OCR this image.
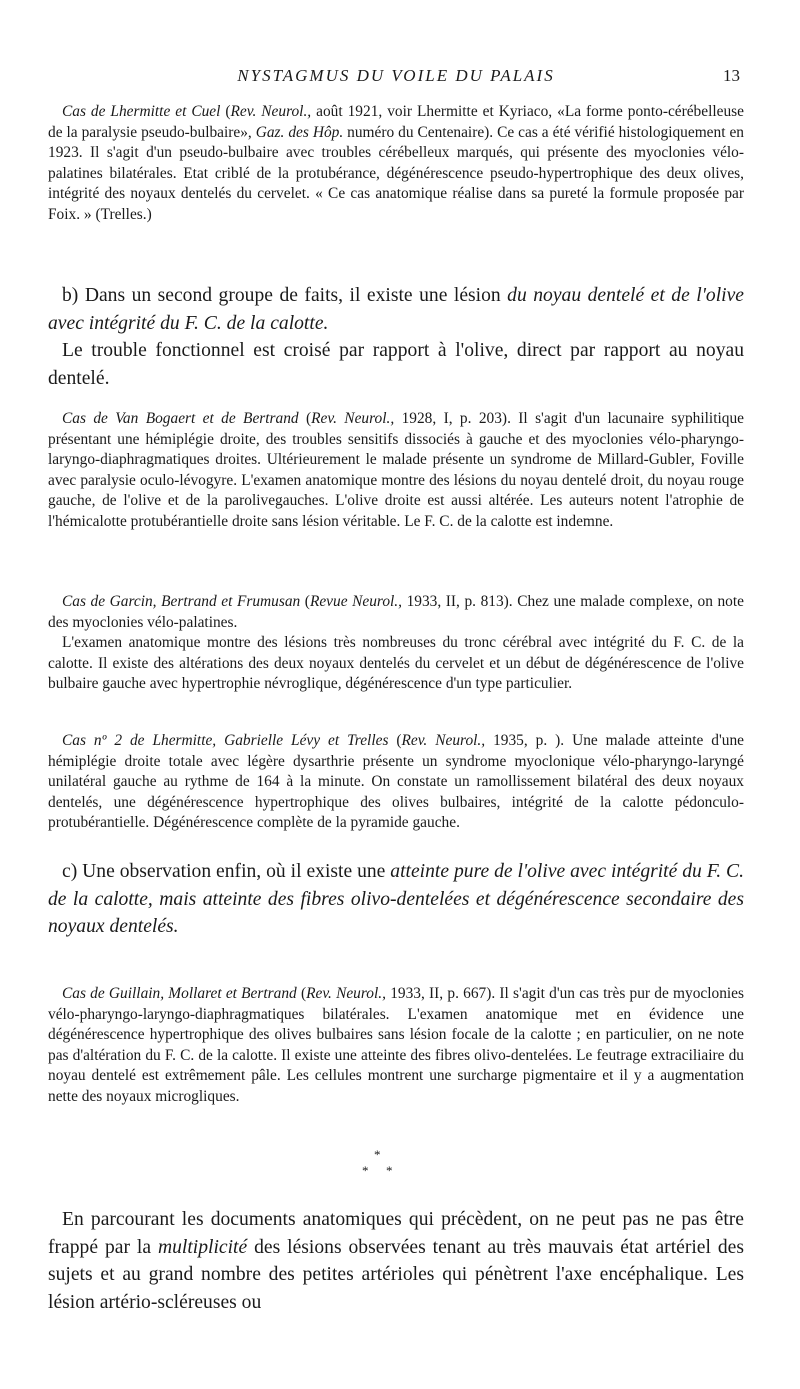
NYSTAGMUS DU VOILE DU PALAIS	13
Cas de Lhermitte et Cuel (Rev. Neurol., août 1921, voir Lhermitte et Kyriaco, «La forme ponto-cérébelleuse de la paralysie pseudo-bulbaire», Gaz. des Hôp. numéro du Centenaire). Ce cas a été vérifié histologiquement en 1923. Il s'agit d'un pseudo-bulbaire avec troubles cérébelleux marqués, qui présente des myoclonies vélo-palatines bilatérales. Etat criblé de la protubérance, dégénérescence pseudo-hypertrophique des deux olives, intégrité des noyaux dentelés du cervelet. « Ce cas anatomique réalise dans sa pureté la formule proposée par Foix. » (Trelles.)
b) Dans un second groupe de faits, il existe une lésion du noyau dentelé et de l'olive avec intégrité du F. C. de la calotte.
Le trouble fonctionnel est croisé par rapport à l'olive, direct par rapport au noyau dentelé.
Cas de Van Bogaert et de Bertrand (Rev. Neurol., 1928, I, p. 203). Il s'agit d'un lacunaire syphilitique présentant une hémiplégie droite, des troubles sensitifs dissociés à gauche et des myoclonies vélo-pharyngo-laryngo-diaphragmatiques droites. Ultérieurement le malade présente un syndrome de Millard-Gubler, Foville avec paralysie oculo-lévogyre. L'examen anatomique montre des lésions du noyau dentelé droit, du noyau rouge gauche, de l'olive et de la parolivegauches. L'olive droite est aussi altérée. Les auteurs notent l'atrophie de l'hémicalotte protubérantielle droite sans lésion véritable. Le F. C. de la calotte est indemne.
Cas de Garcin, Bertrand et Frumusan (Revue Neurol., 1933, II, p. 813). Chez une malade complexe, on note des myoclonies vélo-palatines.
L'examen anatomique montre des lésions très nombreuses du tronc cérébral avec intégrité du F. C. de la calotte. Il existe des altérations des deux noyaux dentelés du cervelet et un début de dégénérescence de l'olive bulbaire gauche avec hypertrophie névroglique, dégénérescence d'un type particulier.
Cas nº 2 de Lhermitte, Gabrielle Lévy et Trelles (Rev. Neurol., 1935, p. ). Une malade atteinte d'une hémiplégie droite totale avec légère dysarthrie présente un syndrome myoclonique vélo-pharyngo-laryngé unilatéral gauche au rythme de 164 à la minute. On constate un ramollissement bilatéral des deux noyaux dentelés, une dégénérescence hypertrophique des olives bulbaires, intégrité de la calotte pédonculo-protubérantielle. Dégénérescence complète de la pyramide gauche.
c) Une observation enfin, où il existe une atteinte pure de l'olive avec intégrité du F. C. de la calotte, mais atteinte des fibres olivo-dentelées et dégénérescence secondaire des noyaux dentelés.
Cas de Guillain, Mollaret et Bertrand (Rev. Neurol., 1933, II, p. 667). Il s'agit d'un cas très pur de myoclonies vélo-pharyngo-laryngo-diaphragmatiques bilatérales. L'examen anatomique met en évidence une dégénérescence hypertrophique des olives bulbaires sans lésion focale de la calotte ; en particulier, on ne note pas d'altération du F. C. de la calotte. Il existe une atteinte des fibres olivo-dentelées. Le feutrage extraciliaire du noyau dentelé est extrêmement pâle. Les cellules montrent une surcharge pigmentaire et il y a augmentation nette des noyaux microgliques.
*
* *
En parcourant les documents anatomiques qui précèdent, on ne peut pas ne pas être frappé par la multiplicité des lésions observées tenant au très mauvais état artériel des sujets et au grand nombre des petites artérioles qui pénètrent l'axe encéphalique. Les lésion artério-scléreuses ou
